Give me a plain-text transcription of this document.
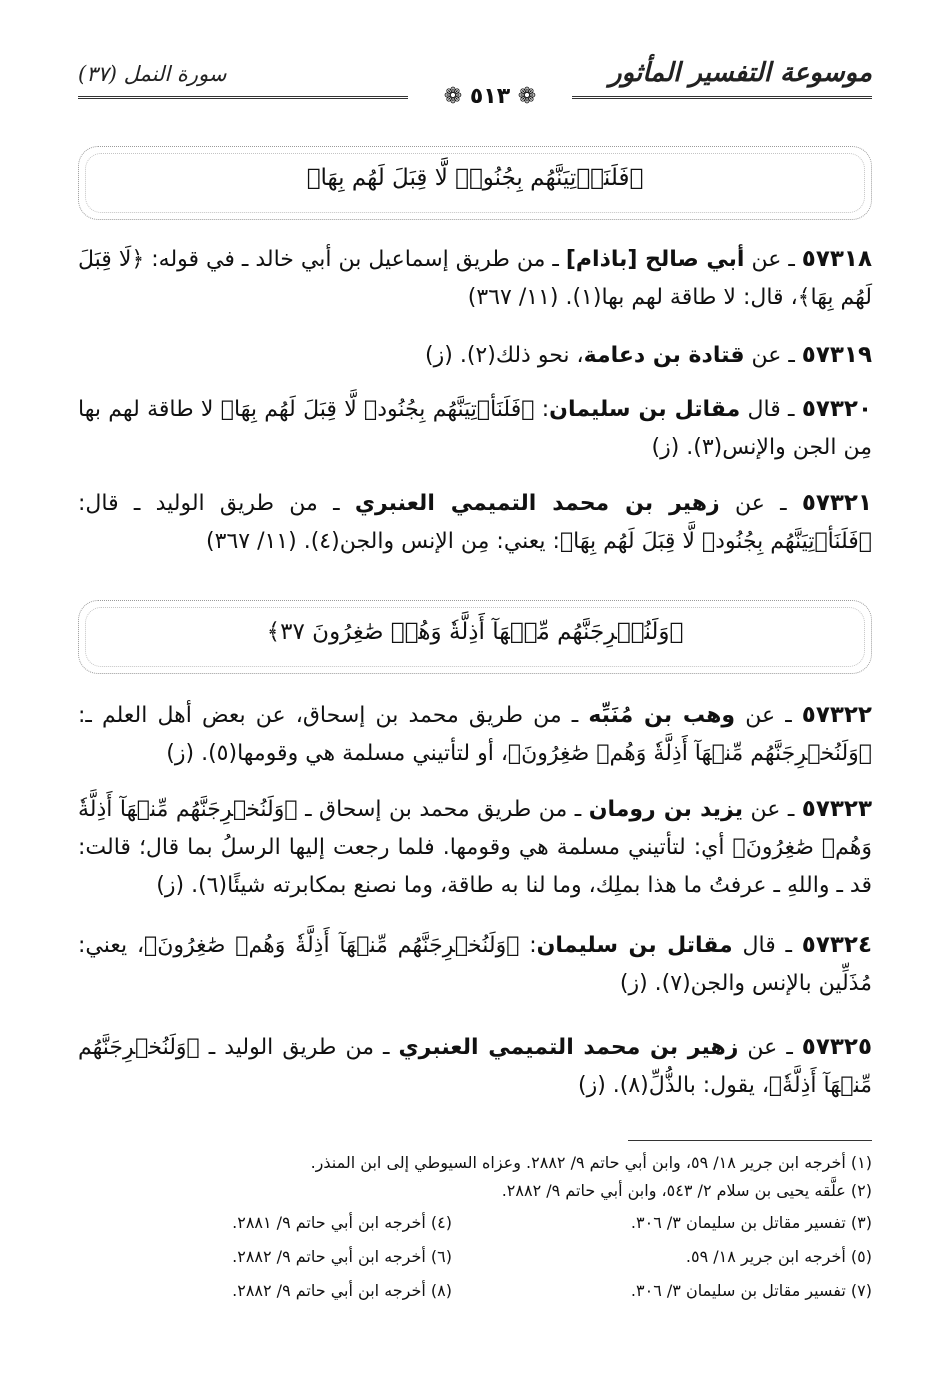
موسوعة التفسير المأثور
سورة النمل (٣٧)
❁ ٥١٣ ❁
﴿فَلَنَأۡتِيَنَّهُم بِجُنُودٖ لَّا قِبَلَ لَهُم بِهَا﴾
٥٧٣١٨ ـ عن أبي صالح [باذام] ـ من طريق إسماعيل بن أبي خالد ـ في قوله: ﴿لَا قِبَلَ لَهُم بِهَا﴾، قال: لا طاقة لهم بها(١). (١١/ ٣٦٧)
٥٧٣١٩ ـ عن قتادة بن دعامة، نحو ذلك(٢). (ز)
٥٧٣٢٠ ـ قال مقاتل بن سليمان: ﴿فَلَنَأۡتِيَنَّهُم بِجُنُودٖ لَّا قِبَلَ لَهُم بِهَا﴾ لا طاقة لهم بها مِن الجن والإنس(٣). (ز)
٥٧٣٢١ ـ عن زهير بن محمد التميمي العنبري ـ من طريق الوليد ـ قال: ﴿فَلَنَأۡتِيَنَّهُم بِجُنُودٖ لَّا قِبَلَ لَهُم بِهَا﴾: يعني: مِن الإنس والجن(٤). (١١/ ٣٦٧)
﴿وَلَنُخۡرِجَنَّهُم مِّنۡهَآ أَذِلَّةٗ وَهُمۡ صَٰغِرُونَ ٣٧﴾
٥٧٣٢٢ ـ عن وهب بن مُنَبِّه ـ من طريق محمد بن إسحاق، عن بعض أهل العلم ـ: ﴿وَلَنُخۡرِجَنَّهُم مِّنۡهَآ أَذِلَّةٗ وَهُمۡ صَٰغِرُونَ﴾، أو لتأتيني مسلمة هي وقومها(٥). (ز)
٥٧٣٢٣ ـ عن يزيد بن رومان ـ من طريق محمد بن إسحاق ـ ﴿وَلَنُخۡرِجَنَّهُم مِّنۡهَآ أَذِلَّةٗ وَهُمۡ صَٰغِرُونَ﴾ أي: لتأتيني مسلمة هي وقومها. فلما رجعت إليها الرسلُ بما قال؛ قالت: قد ـ واللهِ ـ عرفتُ ما هذا بملِك، وما لنا به طاقة، وما نصنع بمكابرته شيئًا(٦). (ز)
٥٧٣٢٤ ـ قال مقاتل بن سليمان: ﴿وَلَنُخۡرِجَنَّهُم مِّنۡهَآ أَذِلَّةٗ وَهُمۡ صَٰغِرُونَ﴾، يعني: مُذَلِّين بالإنس والجن(٧). (ز)
٥٧٣٢٥ ـ عن زهير بن محمد التميمي العنبري ـ من طريق الوليد ـ ﴿وَلَنُخۡرِجَنَّهُم مِّنۡهَآ أَذِلَّةٗ﴾، يقول: بالذُّلِّ(٨). (ز)
(١) أخرجه ابن جرير ١٨/ ٥٩، وابن أبي حاتم ٩/ ٢٨٨٢. وعزاه السيوطي إلى ابن المنذر.
(٢) علَّقه يحيى بن سلام ٢/ ٥٤٣، وابن أبي حاتم ٩/ ٢٨٨٢.
(٣) تفسير مقاتل بن سليمان ٣/ ٣٠٦.
(٤) أخرجه ابن أبي حاتم ٩/ ٢٨٨١.
(٥) أخرجه ابن جرير ١٨/ ٥٩.
(٦) أخرجه ابن أبي حاتم ٩/ ٢٨٨٢.
(٧) تفسير مقاتل بن سليمان ٣/ ٣٠٦.
(٨) أخرجه ابن أبي حاتم ٩/ ٢٨٨٢.
